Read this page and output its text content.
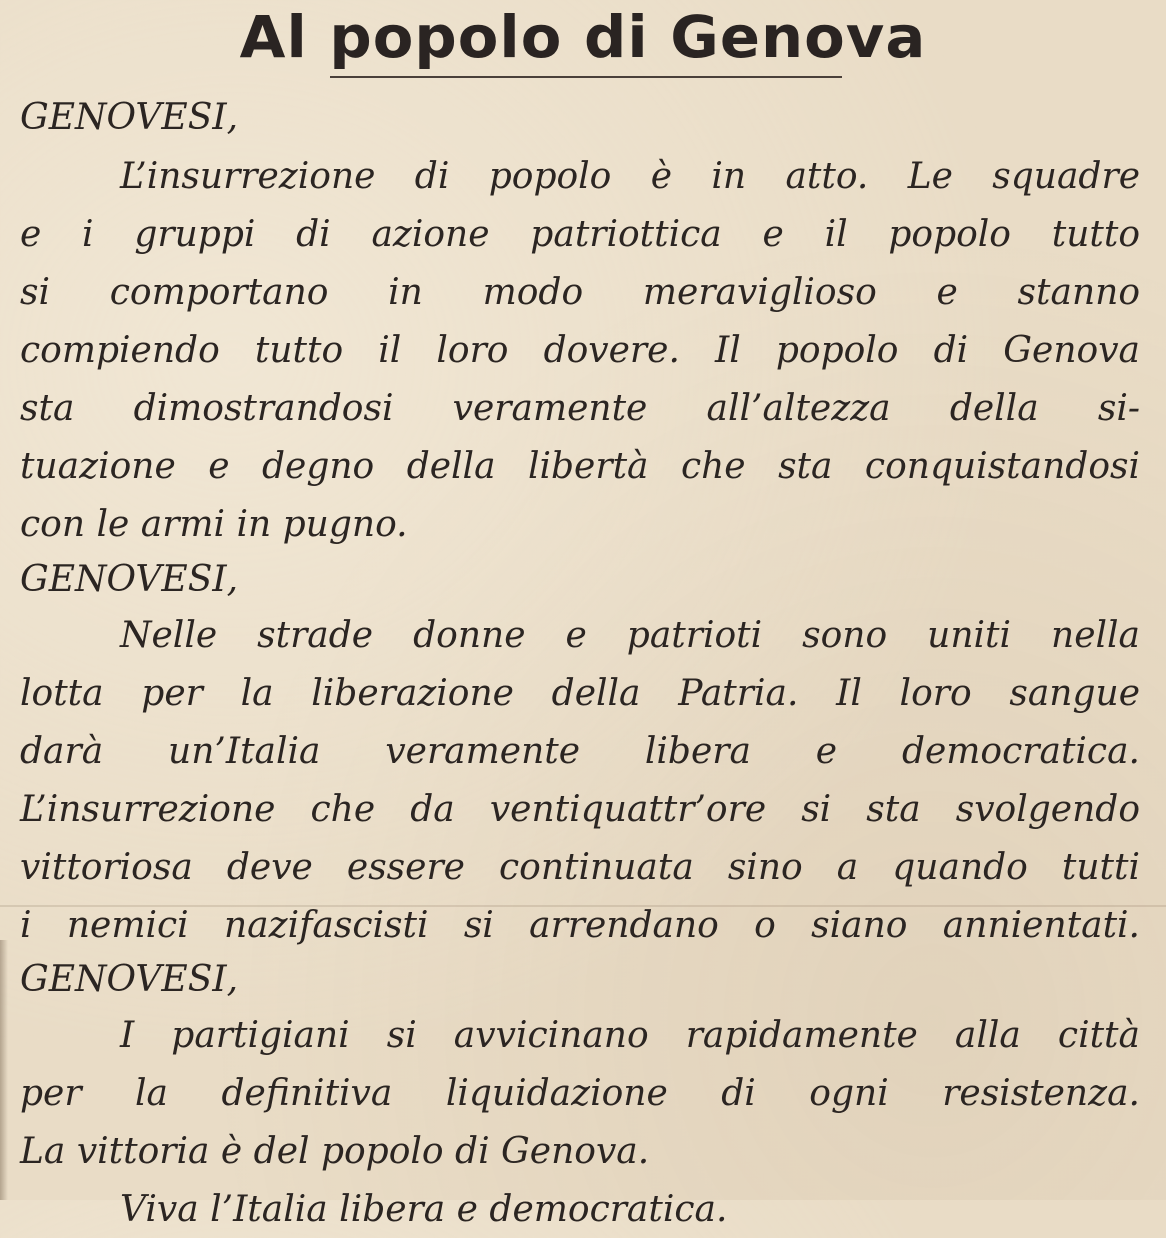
Al popolo di Genova
GENOVESI,
L’insurrezione di popolo è in atto. Le squadre
e i gruppi di azione patriottica e il popolo tutto
si comportano in modo meraviglioso e stanno
compiendo tutto il loro dovere. Il popolo di Genova
sta dimostrandosi veramente all’altezza della si-
tuazione e degno della libertà che sta conquistandosi
con le armi in pugno.
GENOVESI,
Nelle strade donne e patrioti sono uniti nella
lotta per la liberazione della Patria. Il loro sangue
darà un’Italia veramente libera e democratica.
L’insurrezione che da ventiquattr’ore si sta svolgendo
vittoriosa deve essere continuata sino a quando tutti
i nemici nazifascisti si arrendano o siano annientati.
GENOVESI,
I partigiani si avvicinano rapidamente alla città
per la definitiva liquidazione di ogni resistenza.
La vittoria è del popolo di Genova.
Viva l’Italia libera e democratica.
